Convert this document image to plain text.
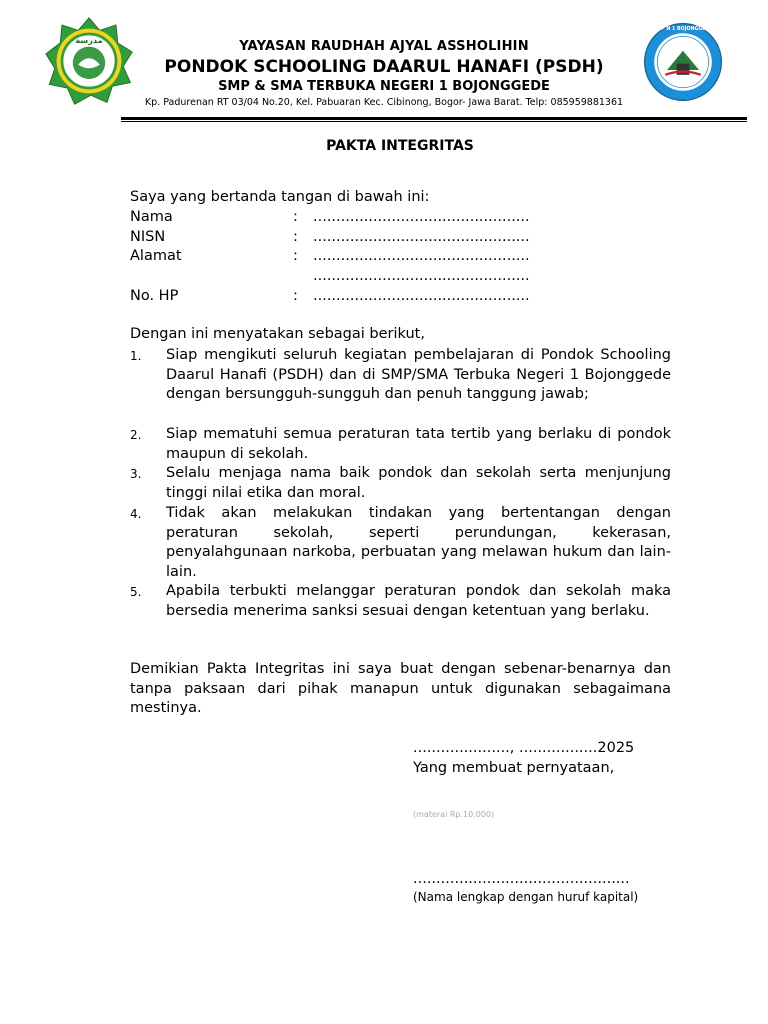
مدرسة
SMP N 1 BOJONGGEDE
YAYASAN RAUDHAH AJYAL ASSHOLIHIN
PONDOK SCHOOLING DAARUL HANAFI (PSDH)
SMP & SMA TERBUKA NEGERI 1 BOJONGGEDE
Kp. Padurenan RT 03/04 No.20, Kel. Pabuaran Kec. Cibinong, Bogor- Jawa Barat. Telp: 085959881361
PAKTA INTEGRITAS
Saya yang bertanda tangan di bawah ini:
Nama	: ...............................................
NISN	: ...............................................
Alamat	: ...............................................
...............................................
No. HP	: ...............................................
Dengan ini menyatakan sebagai berikut,
1. Siap mengikuti seluruh kegiatan pembelajaran di Pondok Schooling Daarul Hanafi (PSDH) dan di SMP/SMA Terbuka Negeri 1 Bojonggede dengan bersungguh-sungguh dan penuh tanggung jawab;
2. Siap mematuhi semua peraturan tata tertib yang berlaku di pondok maupun di sekolah.
3. Selalu menjaga nama baik pondok dan sekolah serta menjunjung tinggi nilai etika dan moral.
4. Tidak akan melakukan tindakan yang bertentangan dengan peraturan sekolah, seperti perundungan, kekerasan, penyalahgunaan narkoba, perbuatan yang melawan hukum dan lain-lain.
5. Apabila terbukti melanggar peraturan pondok dan sekolah maka bersedia menerima sanksi sesuai dengan ketentuan yang berlaku.
Demikian Pakta Integritas ini saya buat dengan sebenar-benarnya dan tanpa paksaan dari pihak manapun untuk digunakan sebagaimana mestinya.
....................., .................2025
Yang membuat pernyataan,
(materai Rp.10.000)
...............................................
(Nama lengkap dengan huruf kapital)
